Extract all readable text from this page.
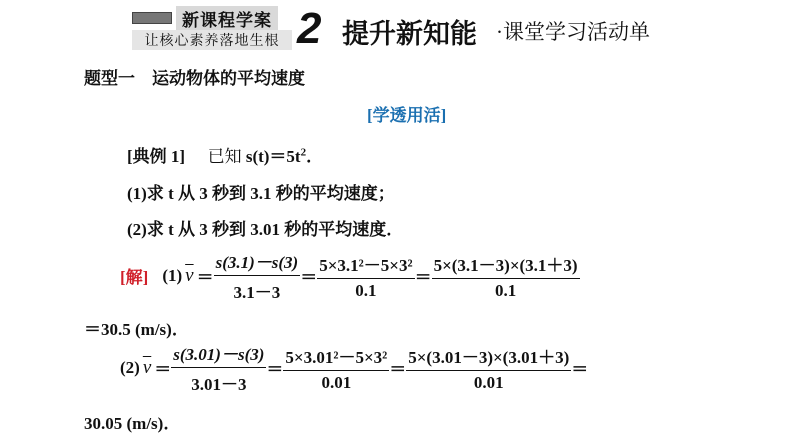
新课程学案
让核心素养落地生根 2 提升新知能 ·课堂学习活动单
题型一　运动物体的平均速度
[学透用活]
[典例 1] 已知 $s(t)=5t^2$．
(1)求 t 从 3 秒到 3.1 秒的平均速度；
(2)求 t 从 3 秒到 3.01 秒的平均速度．
[解] (1) $\overline{v} = \frac{s(3.1)-s(3)}{3.1-3} = \frac{\text{5×3.1²－5×3²}}{0.1} = \frac{5\times(3.1-3)\times(3.1+3)}{0.1}$
＝30.5 (m/s)．
(2) $\overline{v} = \frac{s(3.01)-s(3)}{3.01-3} = \frac{\text{5×3.01²－5×3²}}{0.01} = \frac{5\times(3.01-3)\times(3.01+3)}{0.01}$ ＝
30.05 (m/s)．
